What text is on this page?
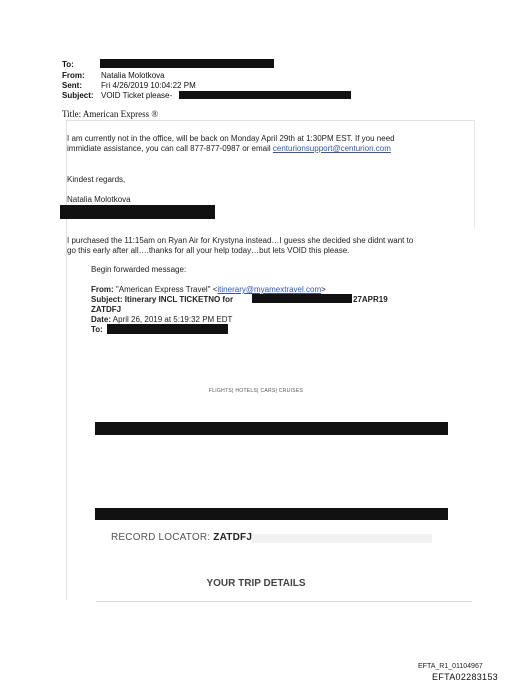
To:
From: Natalia Molotkova
Sent: Fri 4/26/2019 10:04:22 PM
Subject: VOID Ticket please-
Title: American Express ®
I am currently not in the office, will be back on Monday April 29th at 1:30PM EST. If you need
immidiate assistance, you can call 877-877-0987 or email centurionsupport@centurion.com
Kindest regards,
Natalia Molotkova
I purchased the 11:15am on Ryan Air for Krystyna instead…I guess she decided she didnt want to
go this early after all….thanks for all your help today…but lets VOID this please.
Begin forwarded message:
From: "American Express Travel" <itinerary@myamextravel.com>
Subject: Itinerary INCL TICKETNO for	27APR19
ZATDFJ
Date: April 26, 2019 at 5:19:32 PM EDT
To:
FLIGHTS| HOTELS| CARS| CRUISES
RECORD LOCATOR: ZATDFJ
YOUR TRIP DETAILS
EFTA_R1_01104967
EFTA02283153
